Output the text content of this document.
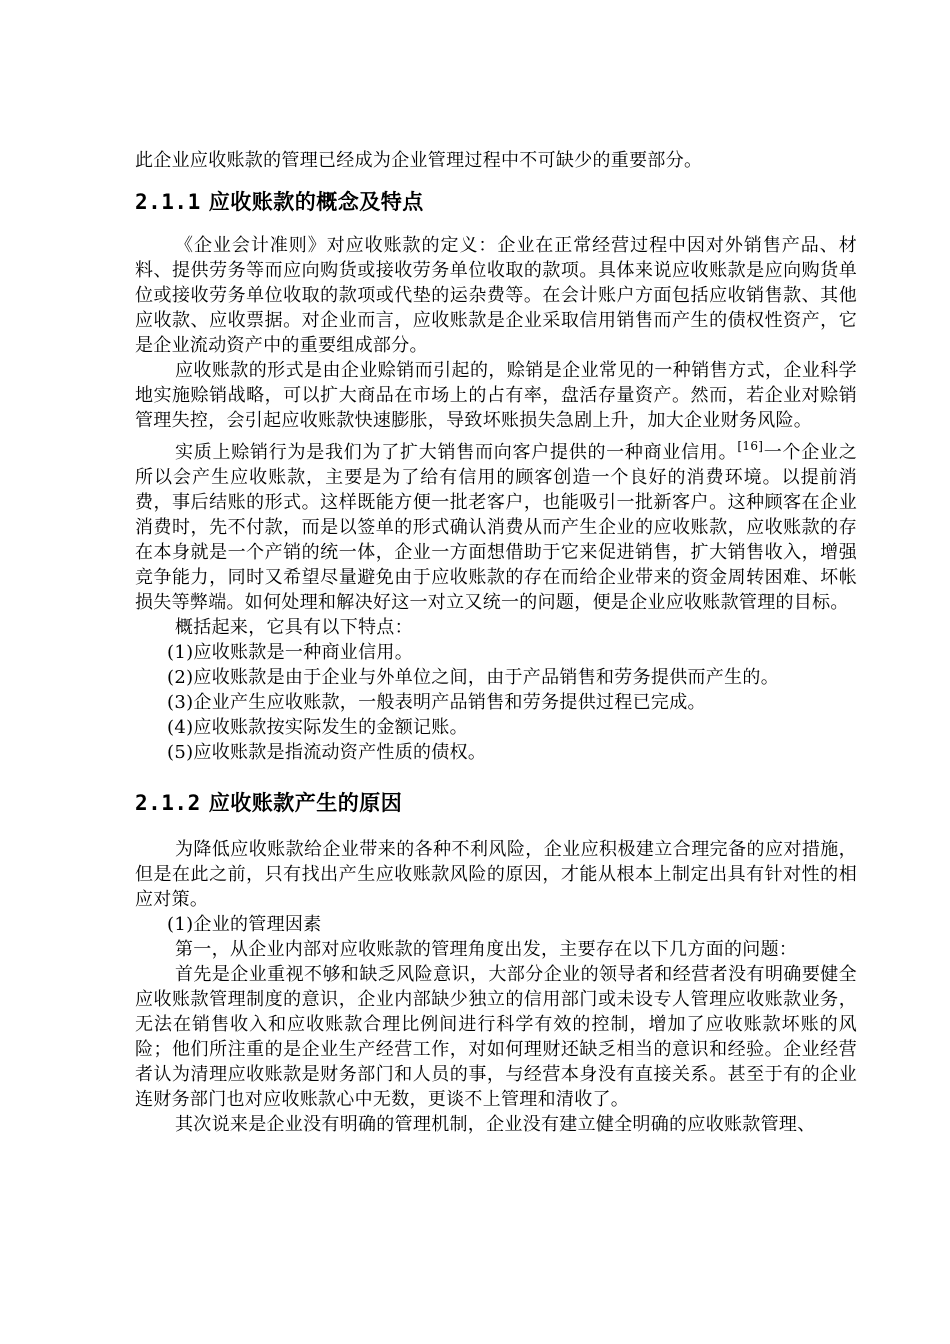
此企业应收账款的管理已经成为企业管理过程中不可缺少的重要部分。

2.1.1 应收账款的概念及特点

《企业会计准则》对应收账款的定义：企业在正常经营过程中因对外销售产品、材料、提供劳务等而应向购货或接收劳务单位收取的款项。具体来说应收账款是应向购货单位或接收劳务单位收取的款项或代垫的运杂费等。在会计账户方面包括应收销售款、其他应收款、应收票据。对企业而言，应收账款是企业采取信用销售而产生的债权性资产，它是企业流动资产中的重要组成部分。

应收账款的形式是由企业赊销而引起的，赊销是企业常见的一种销售方式，企业科学地实施赊销战略，可以扩大商品在市场上的占有率，盘活存量资产。然而，若企业对赊销管理失控，会引起应收账款快速膨胀，导致坏账损失急剧上升，加大企业财务风险。

实质上赊销行为是我们为了扩大销售而向客户提供的一种商业信用。[16]一个企业之所以会产生应收账款，主要是为了给有信用的顾客创造一个良好的消费环境。以提前消费，事后结账的形式。这样既能方便一批老客户，也能吸引一批新客户。这种顾客在企业消费时，先不付款，而是以签单的形式确认消费从而产生企业的应收账款，应收账款的存在本身就是一个产销的统一体，企业一方面想借助于它来促进销售，扩大销售收入，增强竞争能力，同时又希望尽量避免由于应收账款的存在而给企业带来的资金周转困难、坏帐损失等弊端。如何处理和解决好这一对立又统一的问题，便是企业应收账款管理的目标。

概括起来，它具有以下特点：

(1)应收账款是一种商业信用。

(2)应收账款是由于企业与外单位之间，由于产品销售和劳务提供而产生的。

(3)企业产生应收账款，一般表明产品销售和劳务提供过程已完成。

(4)应收账款按实际发生的金额记账。

(5)应收账款是指流动资产性质的债权。

2.1.2 应收账款产生的原因

为降低应收账款给企业带来的各种不利风险，企业应积极建立合理完备的应对措施，但是在此之前，只有找出产生应收账款风险的原因，才能从根本上制定出具有针对性的相应对策。

(1)企业的管理因素

第一，从企业内部对应收账款的管理角度出发，主要存在以下几方面的问题：

首先是企业重视不够和缺乏风险意识，大部分企业的领导者和经营者没有明确要健全应收账款管理制度的意识，企业内部缺少独立的信用部门或未设专人管理应收账款业务，无法在销售收入和应收账款合理比例间进行科学有效的控制，增加了应收账款坏账的风险；他们所注重的是企业生产经营工作，对如何理财还缺乏相当的意识和经验。企业经营者认为清理应收账款是财务部门和人员的事，与经营本身没有直接关系。甚至于有的企业连财务部门也对应收账款心中无数，更谈不上管理和清收了。

其次说来是企业没有明确的管理机制，企业没有建立健全明确的应收账款管理、
